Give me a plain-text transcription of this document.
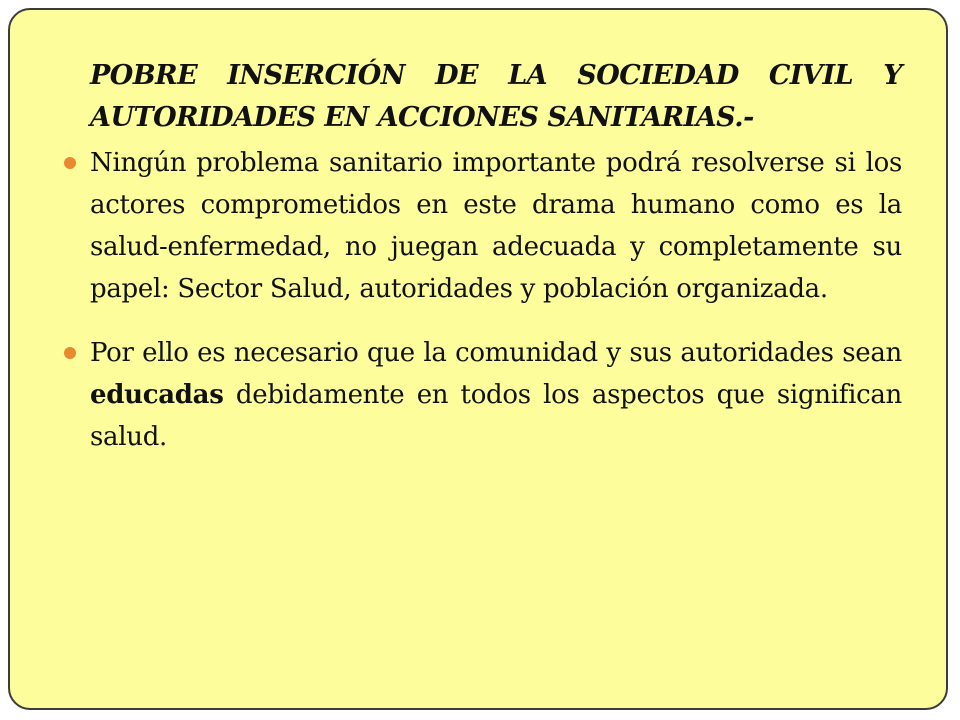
POBRE INSERCIÓN DE LA SOCIEDAD CIVIL Y
AUTORIDADES EN ACCIONES SANITARIAS.-

Ningún problema sanitario importante podrá resolverse si los actores comprometidos en este drama humano como es la salud-enfermedad, no juegan adecuada y completamente su papel: Sector Salud, autoridades y población organizada.
Por ello es necesario que la comunidad y sus autoridades sean educadas debidamente en todos los aspectos que significan salud.
